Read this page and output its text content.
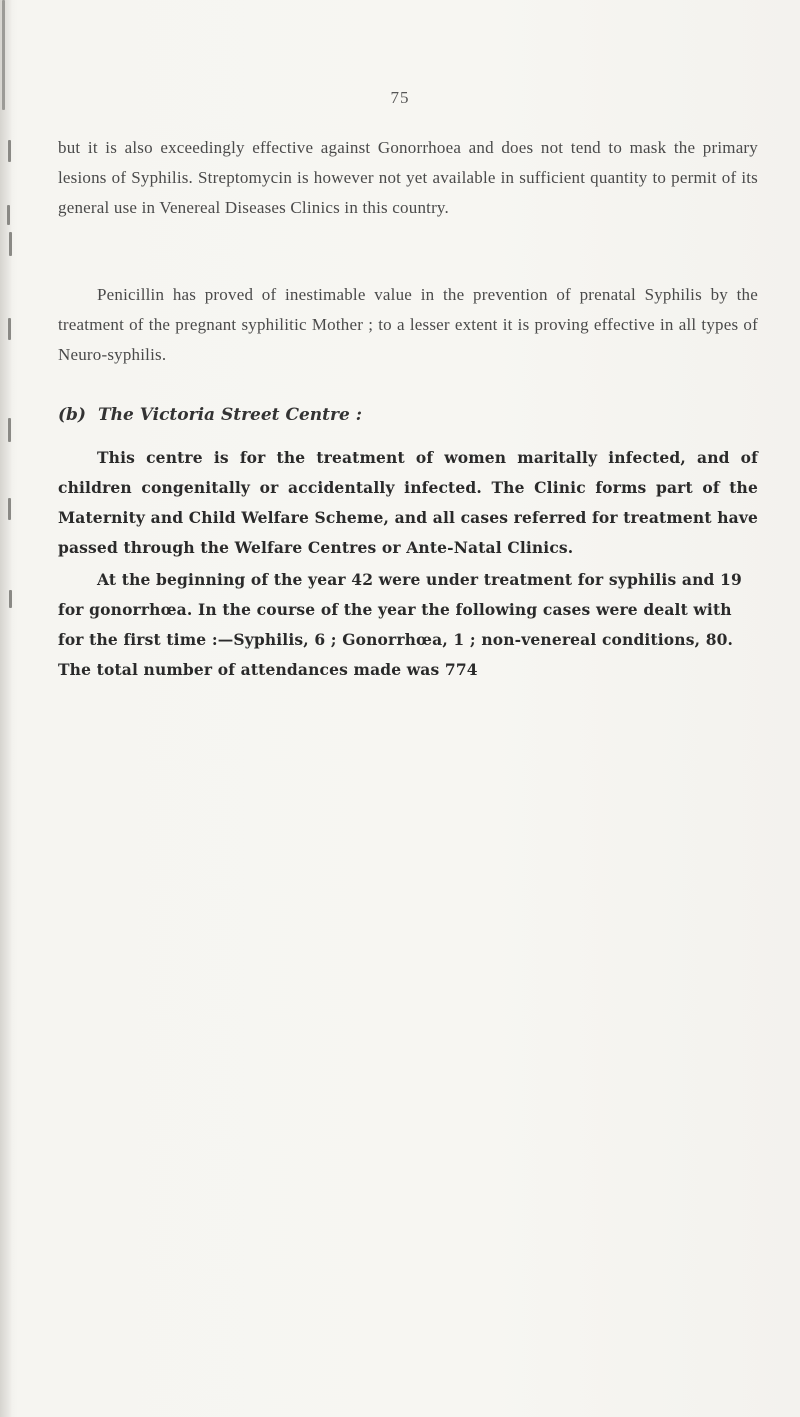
75

but it is also exceedingly effective against Gonorrhoea and does not tend to mask the primary lesions of Syphilis. Streptomycin is however not yet available in sufficient quantity to permit of its general use in Venereal Diseases Clinics in this country.

Penicillin has proved of inestimable value in the prevention of prenatal Syphilis by the treatment of the pregnant syphilitic Mother ; to a lesser extent it is proving effective in all types of Neuro-syphilis.

(b) The Victoria Street Centre :

This centre is for the treatment of women maritally infected, and of children congenitally or accidentally infected. The Clinic forms part of the Maternity and Child Welfare Scheme, and all cases referred for treatment have passed through the Welfare Centres or Ante-Natal Clinics.

At the beginning of the year 42 were under treatment for syphilis and 19 for gonorrhœa. In the course of the year the following cases were dealt with for the first time :—Syphilis, 6 ; Gonorrhœa, 1 ; non-venereal conditions, 80. The total number of attendances made was 774
